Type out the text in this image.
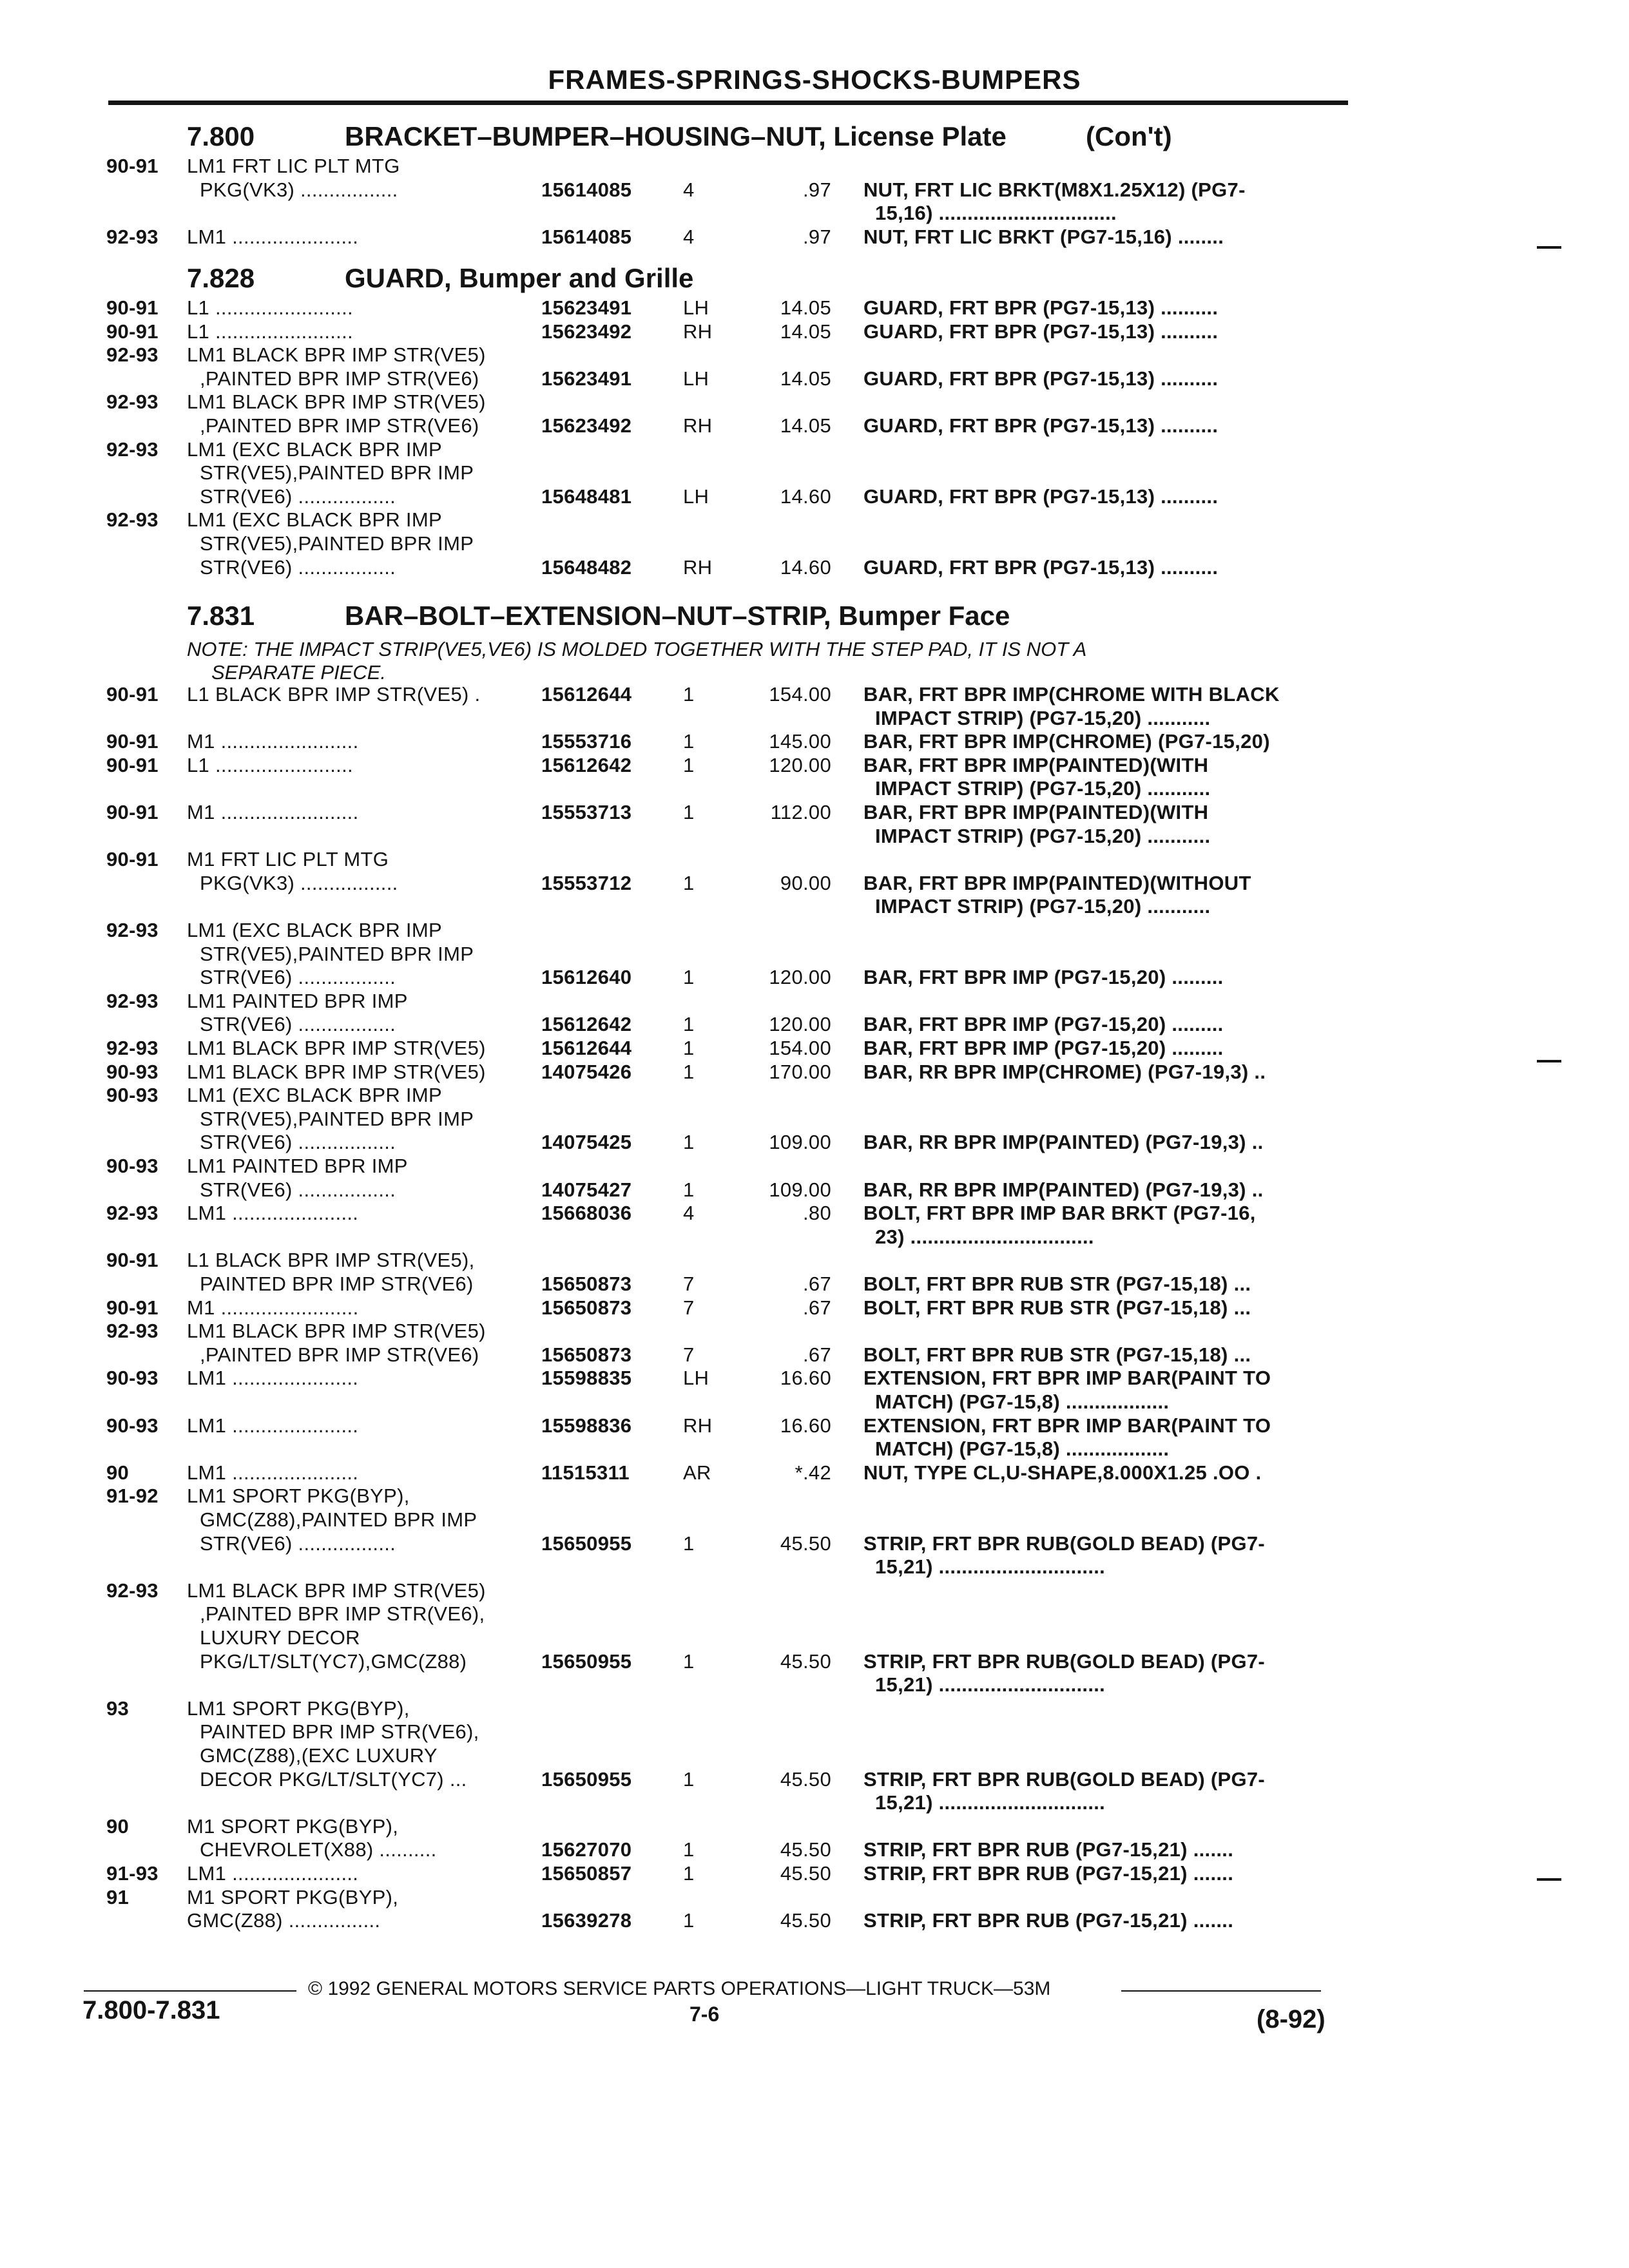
FRAMES-SPRINGS-SHOCKS-BUMPERS
7.800	BRACKET–BUMPER–HOUSING–NUT, License Plate	(Con't)
7.828	GUARD, Bumper and Grille
7.831	BAR–BOLT–EXTENSION–NUT–STRIP, Bumper Face
NOTE: THE IMPACT STRIP(VE5,VE6) IS MOLDED TOGETHER WITH THE STEP PAD, IT IS NOT A
SEPARATE PIECE.
90-91 LM1 FRT LIC PLT MTG
PKG(VK3) .................	15614085	4	.97 NUT, FRT LIC BRKT(M8X1.25X12) (PG7-
15,16) ...............................
92-93 LM1 ......................	15614085	4	.97 NUT, FRT LIC BRKT (PG7-15,16) ........
90-91 L1 ........................	15623491	LH	14.05 GUARD, FRT BPR (PG7-15,13) ..........
90-91 L1 ........................	15623492	RH	14.05 GUARD, FRT BPR (PG7-15,13) ..........
92-93 LM1 BLACK BPR IMP STR(VE5)
,PAINTED BPR IMP STR(VE6)	15623491	LH	14.05 GUARD, FRT BPR (PG7-15,13) ..........
92-93 LM1 BLACK BPR IMP STR(VE5)
,PAINTED BPR IMP STR(VE6)	15623492	RH	14.05 GUARD, FRT BPR (PG7-15,13) ..........
92-93 LM1 (EXC BLACK BPR IMP
STR(VE5),PAINTED BPR IMP
STR(VE6) .................	15648481	LH	14.60 GUARD, FRT BPR (PG7-15,13) ..........
92-93 LM1 (EXC BLACK BPR IMP
STR(VE5),PAINTED BPR IMP
STR(VE6) .................	15648482	RH	14.60 GUARD, FRT BPR (PG7-15,13) ..........
90-91 L1 BLACK BPR IMP STR(VE5) .	15612644	1	154.00 BAR, FRT BPR IMP(CHROME WITH BLACK
IMPACT STRIP) (PG7-15,20) ...........
90-91 M1 ........................	15553716	1	145.00 BAR, FRT BPR IMP(CHROME) (PG7-15,20)
90-91 L1 ........................	15612642	1	120.00 BAR, FRT BPR IMP(PAINTED)(WITH
IMPACT STRIP) (PG7-15,20) ...........
90-91 M1 ........................	15553713	1	112.00 BAR, FRT BPR IMP(PAINTED)(WITH
IMPACT STRIP) (PG7-15,20) ...........
90-91 M1 FRT LIC PLT MTG
PKG(VK3) .................	15553712	1	90.00 BAR, FRT BPR IMP(PAINTED)(WITHOUT
IMPACT STRIP) (PG7-15,20) ...........
92-93 LM1 (EXC BLACK BPR IMP
STR(VE5),PAINTED BPR IMP
STR(VE6) .................	15612640	1	120.00 BAR, FRT BPR IMP (PG7-15,20) .........
92-93 LM1 PAINTED BPR IMP
STR(VE6) .................	15612642	1	120.00 BAR, FRT BPR IMP (PG7-15,20) .........
92-93 LM1 BLACK BPR IMP STR(VE5)	15612644	1	154.00 BAR, FRT BPR IMP (PG7-15,20) .........
90-93 LM1 BLACK BPR IMP STR(VE5)	14075426	1	170.00 BAR, RR BPR IMP(CHROME) (PG7-19,3) ..
90-93 LM1 (EXC BLACK BPR IMP
STR(VE5),PAINTED BPR IMP
STR(VE6) .................	14075425	1	109.00 BAR, RR BPR IMP(PAINTED) (PG7-19,3) ..
90-93 LM1 PAINTED BPR IMP
STR(VE6) .................	14075427	1	109.00 BAR, RR BPR IMP(PAINTED) (PG7-19,3) ..
92-93 LM1 ......................	15668036	4	.80 BOLT, FRT BPR IMP BAR BRKT (PG7-16,
23) ................................
90-91 L1 BLACK BPR IMP STR(VE5),
PAINTED BPR IMP STR(VE6)	15650873	7	.67 BOLT, FRT BPR RUB STR (PG7-15,18) ...
90-91 M1 ........................	15650873	7	.67 BOLT, FRT BPR RUB STR (PG7-15,18) ...
92-93 LM1 BLACK BPR IMP STR(VE5)
,PAINTED BPR IMP STR(VE6)	15650873	7	.67 BOLT, FRT BPR RUB STR (PG7-15,18) ...
90-93 LM1 ......................	15598835	LH	16.60 EXTENSION, FRT BPR IMP BAR(PAINT TO
MATCH) (PG7-15,8) ..................
90-93 LM1 ......................	15598836	RH	16.60 EXTENSION, FRT BPR IMP BAR(PAINT TO
MATCH) (PG7-15,8) ..................
90	LM1 ......................	11515311	AR	*.42 NUT, TYPE CL,U-SHAPE,8.000X1.25 .OO .
91-92 LM1 SPORT PKG(BYP),
GMC(Z88),PAINTED BPR IMP
STR(VE6) .................	15650955	1	45.50 STRIP, FRT BPR RUB(GOLD BEAD) (PG7-
15,21) .............................
92-93 LM1 BLACK BPR IMP STR(VE5)
,PAINTED BPR IMP STR(VE6),
LUXURY DECOR
PKG/LT/SLT(YC7),GMC(Z88)	15650955	1	45.50 STRIP, FRT BPR RUB(GOLD BEAD) (PG7-
15,21) .............................
93	LM1 SPORT PKG(BYP),
PAINTED BPR IMP STR(VE6),
GMC(Z88),(EXC LUXURY
DECOR PKG/LT/SLT(YC7) ...	15650955	1	45.50 STRIP, FRT BPR RUB(GOLD BEAD) (PG7-
15,21) .............................
90	M1 SPORT PKG(BYP),
CHEVROLET(X88) ..........	15627070	1	45.50 STRIP, FRT BPR RUB (PG7-15,21) .......
91-93 LM1 ......................	15650857	1	45.50 STRIP, FRT BPR RUB (PG7-15,21) .......
91	M1 SPORT PKG(BYP),
GMC(Z88) ................	15639278	1	45.50 STRIP, FRT BPR RUB (PG7-15,21) .......
© 1992 GENERAL MOTORS SERVICE PARTS OPERATIONS—LIGHT TRUCK—53M
7.800-7.831	7-6	(8-92)
